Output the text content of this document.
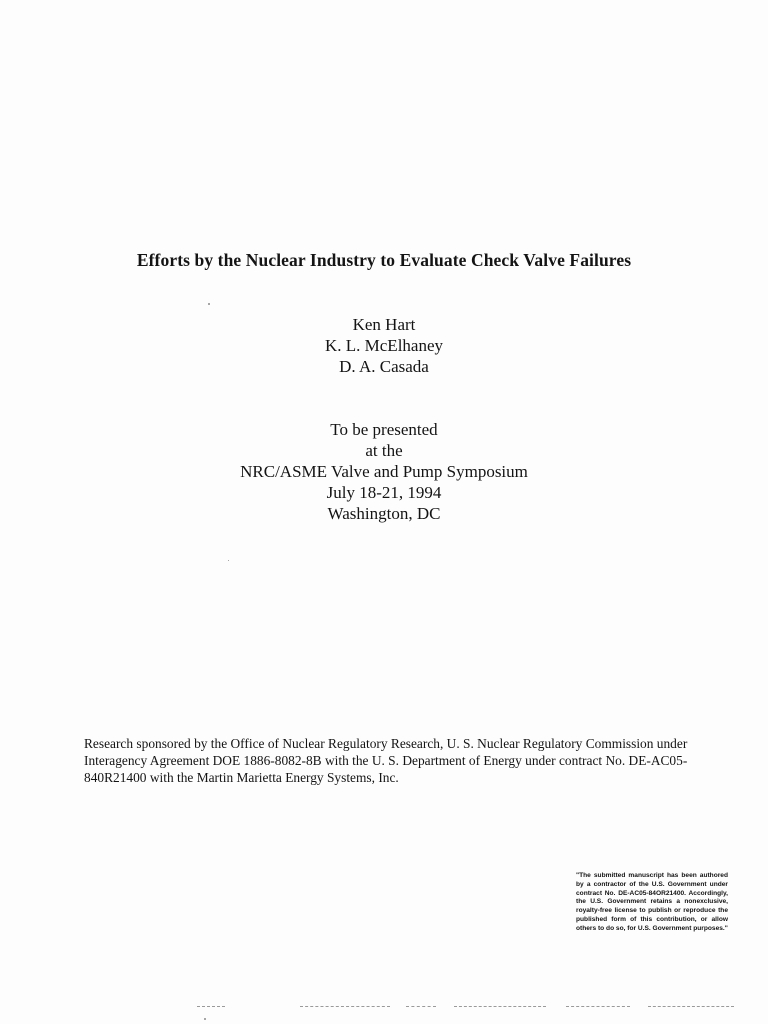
Efforts by the Nuclear Industry to Evaluate Check Valve Failures
Ken Hart
K. L. McElhaney
D. A. Casada
To be presented
at the
NRC/ASME Valve and Pump Symposium
July 18-21, 1994
Washington, DC

Research sponsored by the Office of Nuclear Regulatory Research, U. S. Nuclear Regulatory Commission under Interagency Agreement DOE 1886-8082-8B with the U. S. Department of Energy under contract No. DE-AC05-840R21400 with the Martin Marietta Energy Systems, Inc.

"The submitted manuscript has been authored by a contractor of the U.S. Government under contract No. DE-AC05-84OR21400. Accordingly, the U.S. Government retains a nonexclusive, royalty-free license to publish or reproduce the published form of this contribution, or allow others to do so, for U.S. Government purposes."
